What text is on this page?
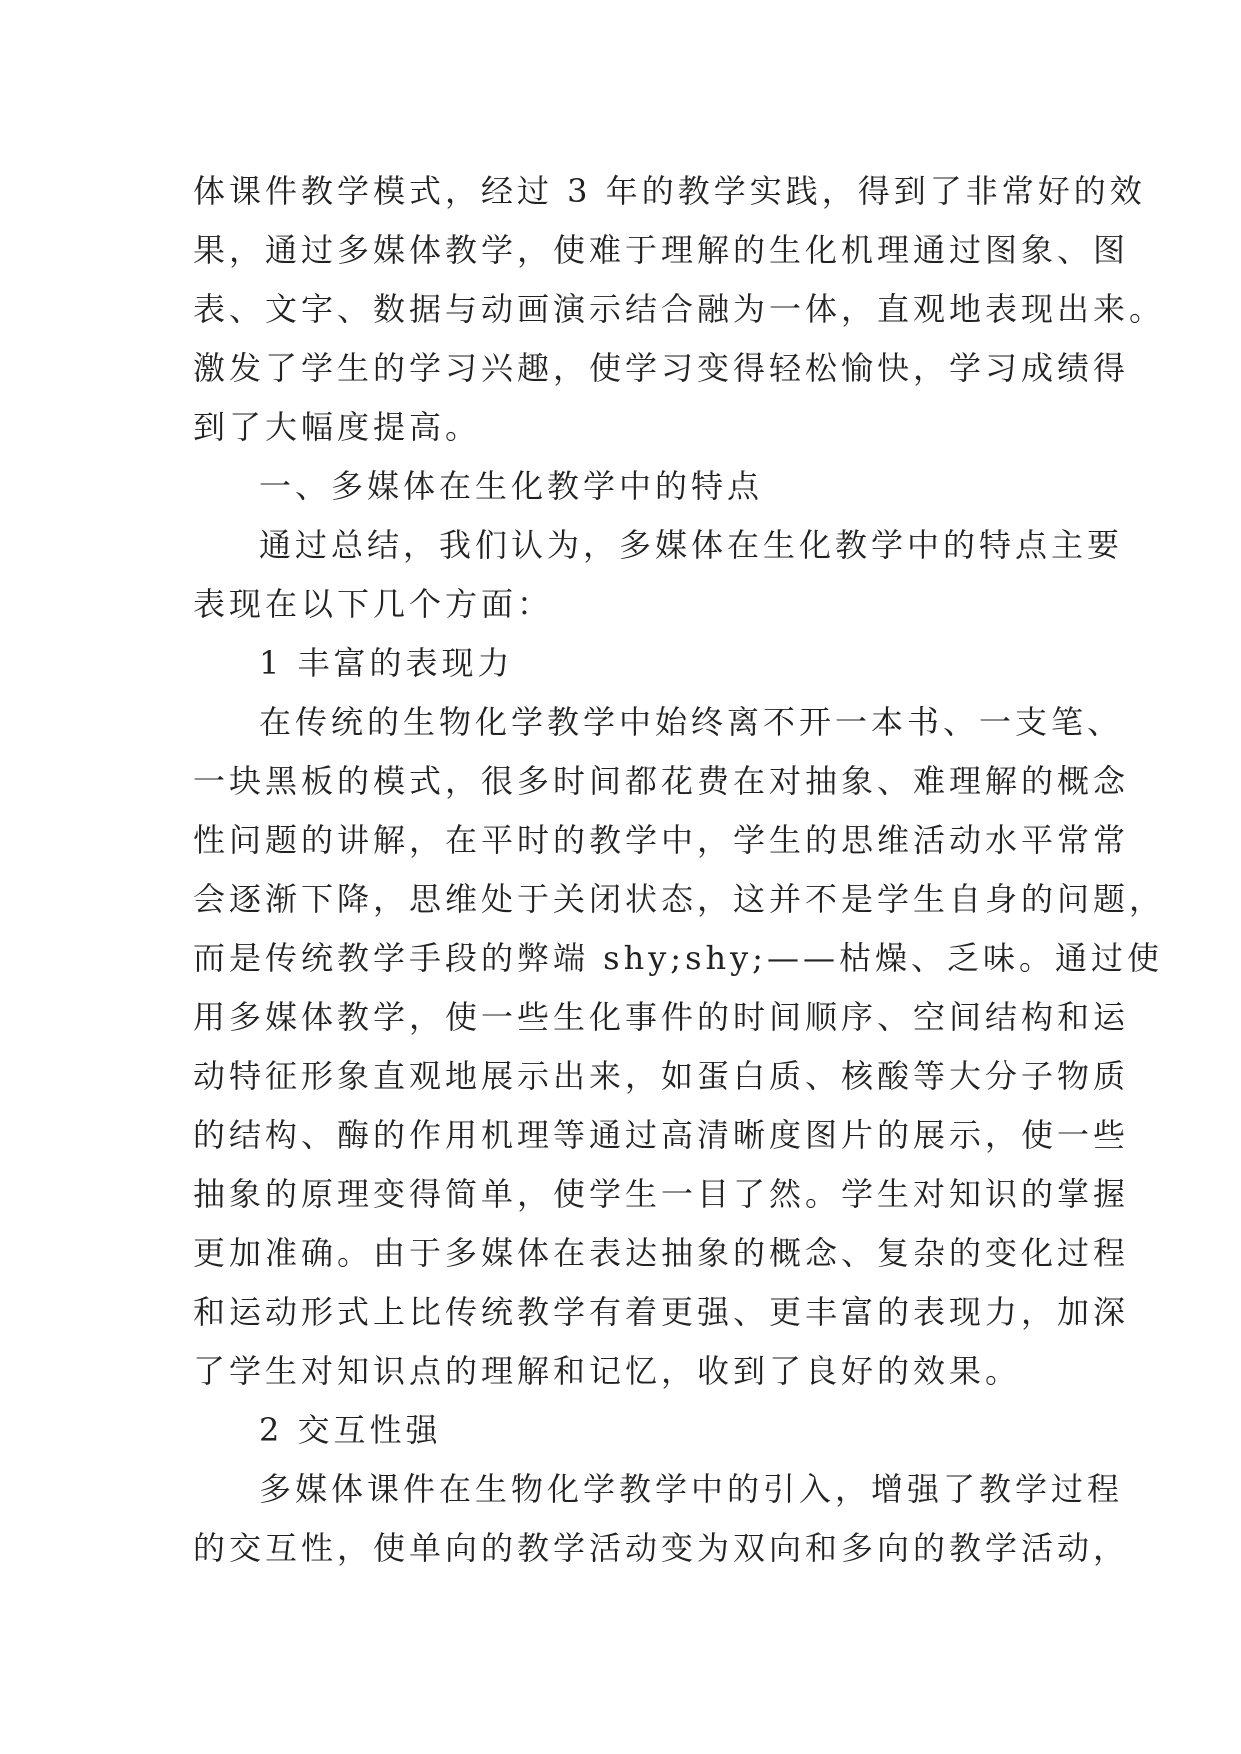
体课件教学模式，经过 3 年的教学实践，得到了非常好的效
果，通过多媒体教学，使难于理解的生化机理通过图象、图
表、文字、数据与动画演示结合融为一体，直观地表现出来。
激发了学生的学习兴趣，使学习变得轻松愉快，学习成绩得
到了大幅度提高。
一、多媒体在生化教学中的特点
通过总结，我们认为，多媒体在生化教学中的特点主要
表现在以下几个方面：
1 丰富的表现力
在传统的生物化学教学中始终离不开一本书、一支笔、
一块黑板的模式，很多时间都花费在对抽象、难理解的概念
性问题的讲解，在平时的教学中，学生的思维活动水平常常
会逐渐下降，思维处于关闭状态，这并不是学生自身的问题，
而是传统教学手段的弊端 shy;shy;——枯燥、乏味。通过使
用多媒体教学，使一些生化事件的时间顺序、空间结构和运
动特征形象直观地展示出来，如蛋白质、核酸等大分子物质
的结构、酶的作用机理等通过高清晰度图片的展示，使一些
抽象的原理变得简单，使学生一目了然。学生对知识的掌握
更加准确。由于多媒体在表达抽象的概念、复杂的变化过程
和运动形式上比传统教学有着更强、更丰富的表现力，加深
了学生对知识点的理解和记忆，收到了良好的效果。
2 交互性强
多媒体课件在生物化学教学中的引入，增强了教学过程
的交互性，使单向的教学活动变为双向和多向的教学活动，
